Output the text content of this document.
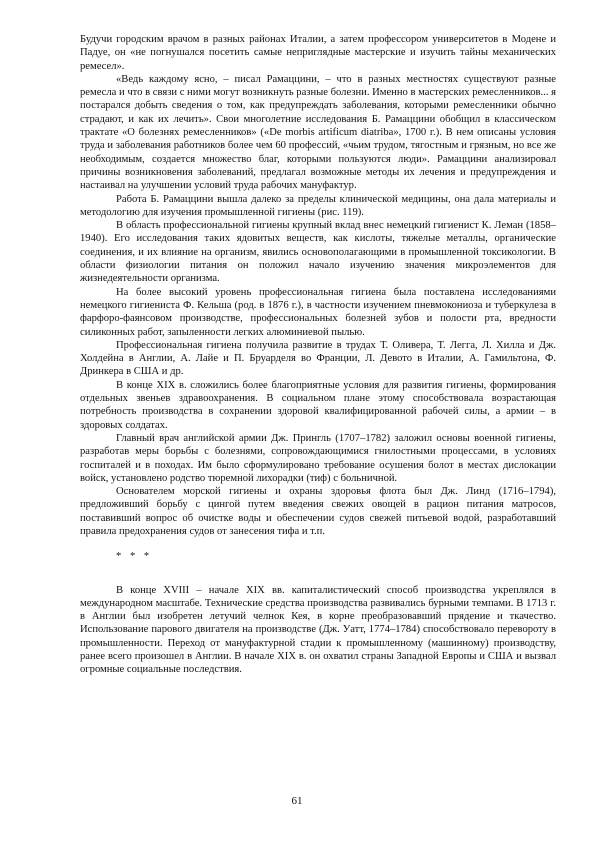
Будучи городским врачом в разных районах Италии, а затем профессором университетов в Модене и Падуе, он «не погнушался посетить самые неприглядные мастерские и изучить тайны механических ремесел».

«Ведь каждому ясно, – писал Рамаццини, – что в разных местностях существуют разные ремесла и что в связи с ними могут возникнуть разные болезни. Именно в мастерских ремесленников... я постарался добыть сведения о том, как предупреждать заболевания, которыми ремесленники обычно страдают, и как их лечить». Свои многолетние исследования Б. Рамаццини обобщил в классическом трактате «О болезнях ремесленников» («De morbis artificum diatriba», 1700 г.). В нем описаны условия труда и заболевания работников более чем 60 профессий, «чьим трудом, тягостным и грязным, но все же необходимым, создается множество благ, которыми пользуются люди». Рамаццини анализировал причины возникновения заболеваний, предлагал возможные методы их лечения и предупреждения и настаивал на улучшении условий труда рабочих мануфактур.

Работа Б. Рамаццини вышла далеко за пределы клинической медицины, она дала материалы и методологию для изучения промышленной гигиены (рис. 119).

В область профессиональной гигиены крупный вклад внес немецкий гигиенист К. Леман (1858–1940). Его исследования таких ядовитых веществ, как кислоты, тяжелые металлы, органические соединения, и их влияние на организм, явились основополагающими в промышленной токсикологии. В области физиологии питания он положил начало изучению значения микроэлементов для жизнедеятельности организма.

На более высокий уровень профессиональная гигиена была поставлена исследованиями немецкого гигиениста Ф. Кельша (род. в 1876 г.), в частности изучением пневмокониоза и туберкулеза в фарфоро-фаянсовом производстве, профессиональных болезней зубов и полости рта, вредности силиконных работ, запыленности легких алюминиевой пылью.

Профессиональная гигиена получила развитие в трудах Т. Оливера, Т. Легга, Л. Хилла и Дж. Холдейна в Англии, А. Лайе и П. Бруарделя во Франции, Л. Девото в Италии, А. Гамильтона, Ф. Дринкера в США и др.

В конце XIX в. сложились более благоприятные условия для развития гигиены, формирования отдельных звеньев здравоохранения. В социальном плане этому способствовала возрастающая потребность производства в сохранении здоровой квалифицированной рабочей силы, а армии – в здоровых солдатах.

Главный врач английской армии Дж. Прингль (1707–1782) заложил основы военной гигиены, разработав меры борьбы с болезнями, сопровождающимися гнилостными процессами, в условиях госпиталей и в походах. Им было сформулировано требование осушения болот в местах дислокации войск, установлено родство тюремной лихорадки (тиф) с больничной.

Основателем морской гигиены и охраны здоровья флота был Дж. Линд (1716–1794), предложивший борьбу с цингой путем введения свежих овощей в рацион питания матросов, поставивший вопрос об очистке воды и обеспечении судов свежей питьевой водой, разработавший правила предохранения судов от занесения тифа и т.п.

* * *

В конце XVIII – начале XIX вв. капиталистический способ производства укреплялся в международном масштабе. Технические средства производства развивались бурными темпами. В 1713 г. в Англии был изобретен летучий челнок Кея, в корне преобразовавший прядение и ткачество. Использование парового двигателя на производстве (Дж. Уатт, 1774–1784) способствовало перевороту в промышленности. Переход от мануфактурной стадии к промышленному (машинному) производству, ранее всего произошел в Англии. В начале XIX в. он охватил страны Западной Европы и США и вызвал огромные социальные последствия.

61
